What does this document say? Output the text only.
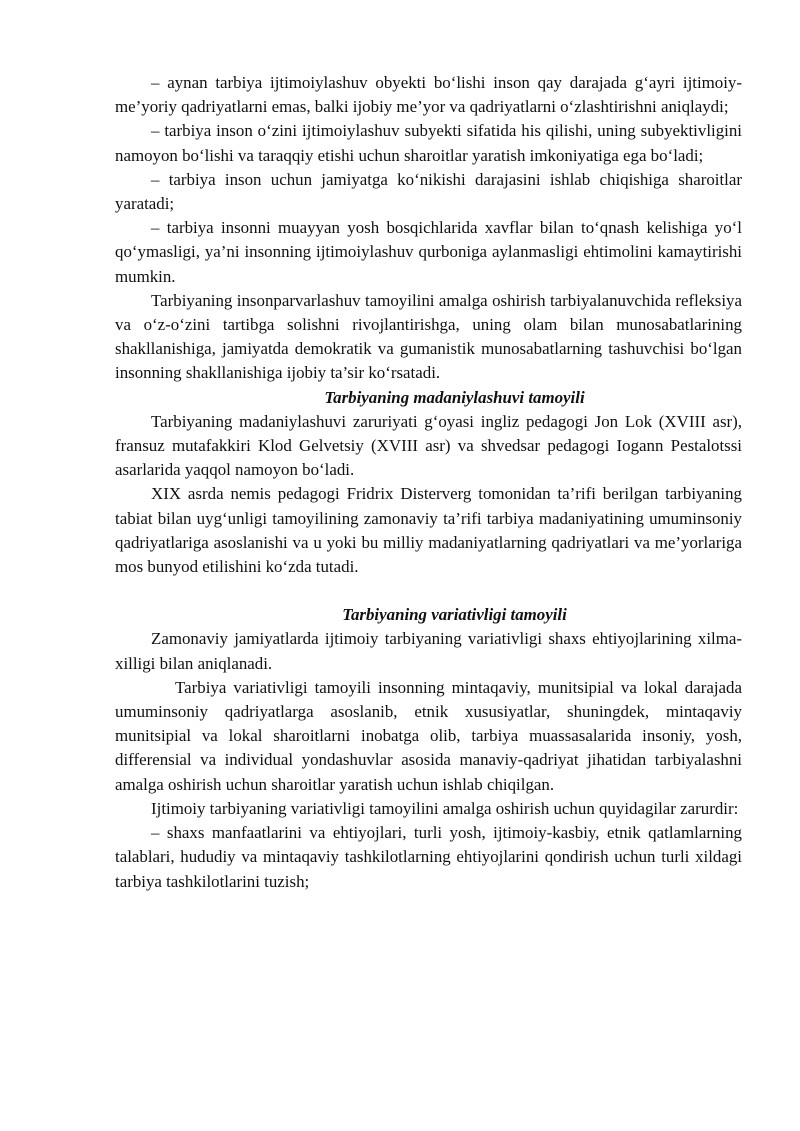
– aynan tarbiya ijtimoiylashuv obyekti bo‘lishi inson qay darajada g‘ayri ijtimoiy-me’yoriy qadriyatlarni emas, balki ijobiy me’yor va qadriyatlarni o‘zlashtirishni aniqlaydi;

– tarbiya inson o‘zini ijtimoiylashuv subyekti sifatida his qilishi, uning subyektivligini namoyon bo‘lishi va taraqqiy etishi uchun sharoitlar yaratish imkoniyatiga ega bo‘ladi;

– tarbiya inson uchun jamiyatga ko‘nikishi darajasini ishlab chiqishiga sharoitlar yaratadi;

– tarbiya insonni muayyan yosh bosqichlarida xavflar bilan to‘qnash kelishiga yo‘l qo‘ymasligi, ya’ni insonning ijtimoiylashuv qurboniga aylanmasligi ehtimolini kamaytirishi mumkin.

Tarbiyaning insonparvarlashuv tamoyilini amalga oshirish tarbiyalanuvchida refleksiya va o‘z-o‘zini tartibga solishni rivojlantirishga, uning olam bilan munosabatlarining shakllanishiga, jamiyatda demokratik va gumanistik munosabatlarning tashuvchisi bo‘lgan insonning shakllanishiga ijobiy ta’sir ko‘rsatadi.

Tarbiyaning madaniylashuvi tamoyili

Tarbiyaning madaniylashuvi zaruriyati g‘oyasi ingliz pedagogi Jon Lok (XVIII asr), fransuz mutafakkiri Klod Gelvetsiy (XVIII asr) va shvedsar pedagogi Iogann Pestalotssi asarlarida yaqqol namoyon bo‘ladi.

XIX asrda nemis pedagogi Fridrix Disterverg tomonidan ta’rifi berilgan tarbiyaning tabiat bilan uyg‘unligi tamoyilining zamonaviy ta’rifi tarbiya madaniyatining umuminsoniy qadriyatlariga asoslanishi va u yoki bu milliy madaniyatlarning qadriyatlari va me’yorlariga mos bunyod etilishini ko‘zda tutadi.

Tarbiyaning variativligi tamoyili

Zamonaviy jamiyatlarda ijtimoiy tarbiyaning variativligi shaxs ehtiyojlarining xilma-xilligi bilan aniqlanadi.

Tarbiya variativligi tamoyili insonning mintaqaviy, munitsipial va lokal darajada umuminsoniy qadriyatlarga asoslanib, etnik xususiyatlar, shuningdek, mintaqaviy munitsipial va lokal sharoitlarni inobatga olib, tarbiya muassasalarida insoniy, yosh, differensial va individual yondashuvlar asosida manaviy-qadriyat jihatidan tarbiyalashni amalga oshirish uchun sharoitlar yaratish uchun ishlab chiqilgan.

Ijtimoiy tarbiyaning variativligi tamoyilini amalga oshirish uchun quyidagilar zarurdir:

– shaxs manfaatlarini va ehtiyojlari, turli yosh, ijtimoiy-kasbiy, etnik qatlamlarning talablari, hududiy va mintaqaviy tashkilotlarning ehtiyojlarini qondirish uchun turli xildagi tarbiya tashkilotlarini tuzish;
